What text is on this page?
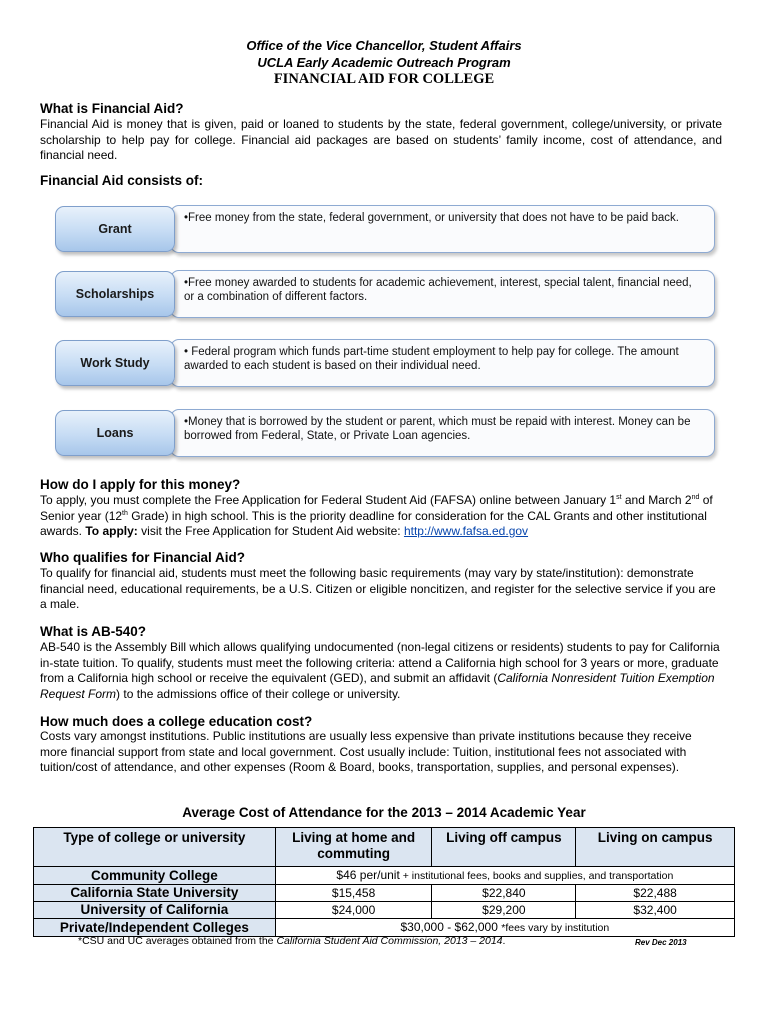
Office of the Vice Chancellor, Student Affairs
UCLA Early Academic Outreach Program
FINANCIAL AID FOR COLLEGE
What is Financial Aid?
Financial Aid is money that is given, paid or loaned to students by the state, federal government, college/university, or private scholarship to help pay for college. Financial aid packages are based on students’ family income, cost of attendance, and financial need.
Financial Aid consists of:
•Free money from the state, federal government, or university that does not have to be paid back.
Grant
•Free money awarded to students for academic achievement, interest, special talent, financial need, or a combination of different factors.
Scholarships
• Federal program which funds part-time student employment to help pay for college. The amount awarded to each student is based on their individual need.
Work Study
•Money that is borrowed by the student or parent, which must be repaid with interest. Money can be borrowed from Federal, State, or Private Loan agencies.
Loans
How do I apply for this money?
To apply, you must complete the Free Application for Federal Student Aid (FAFSA) online between January 1st and March 2nd of Senior year (12th Grade) in high school. This is the priority deadline for consideration for the CAL Grants and other institutional awards. To apply: visit the Free Application for Student Aid website: http://www.fafsa.ed.gov
Who qualifies for Financial Aid?
To qualify for financial aid, students must meet the following basic requirements (may vary by state/institution): demonstrate financial need, educational requirements, be a U.S. Citizen or eligible noncitizen, and register for the selective service if you are a male.
What is AB-540?
AB-540 is the Assembly Bill which allows qualifying undocumented (non-legal citizens or residents) students to pay for California in-state tuition. To qualify, students must meet the following criteria: attend a California high school for 3 years or more, graduate from a California high school or receive the equivalent (GED), and submit an affidavit (California Nonresident Tuition Exemption Request Form) to the admissions office of their college or university.
How much does a college education cost?
Costs vary amongst institutions. Public institutions are usually less expensive than private institutions because they receive more financial support from state and local government. Cost usually include: Tuition, institutional fees not associated with tuition/cost of attendance, and other expenses (Room & Board, books, transportation, supplies, and personal expenses).
Average Cost of Attendance for the 2013 – 2014 Academic Year
Type of college or university	Living at home and commuting	Living off campus	Living on campus
Community College	$46 per/unit + institutional fees, books and supplies, and transportation		
California State University	$15,458	$22,840	$22,488
University of California	$24,000	$29,200	$32,400
Private/Independent Colleges	$30,000 - $62,000 *fees vary by institution		
*CSU and UC averages obtained from the California Student Aid Commission, 2013 – 2014.	Rev Dec 2013
